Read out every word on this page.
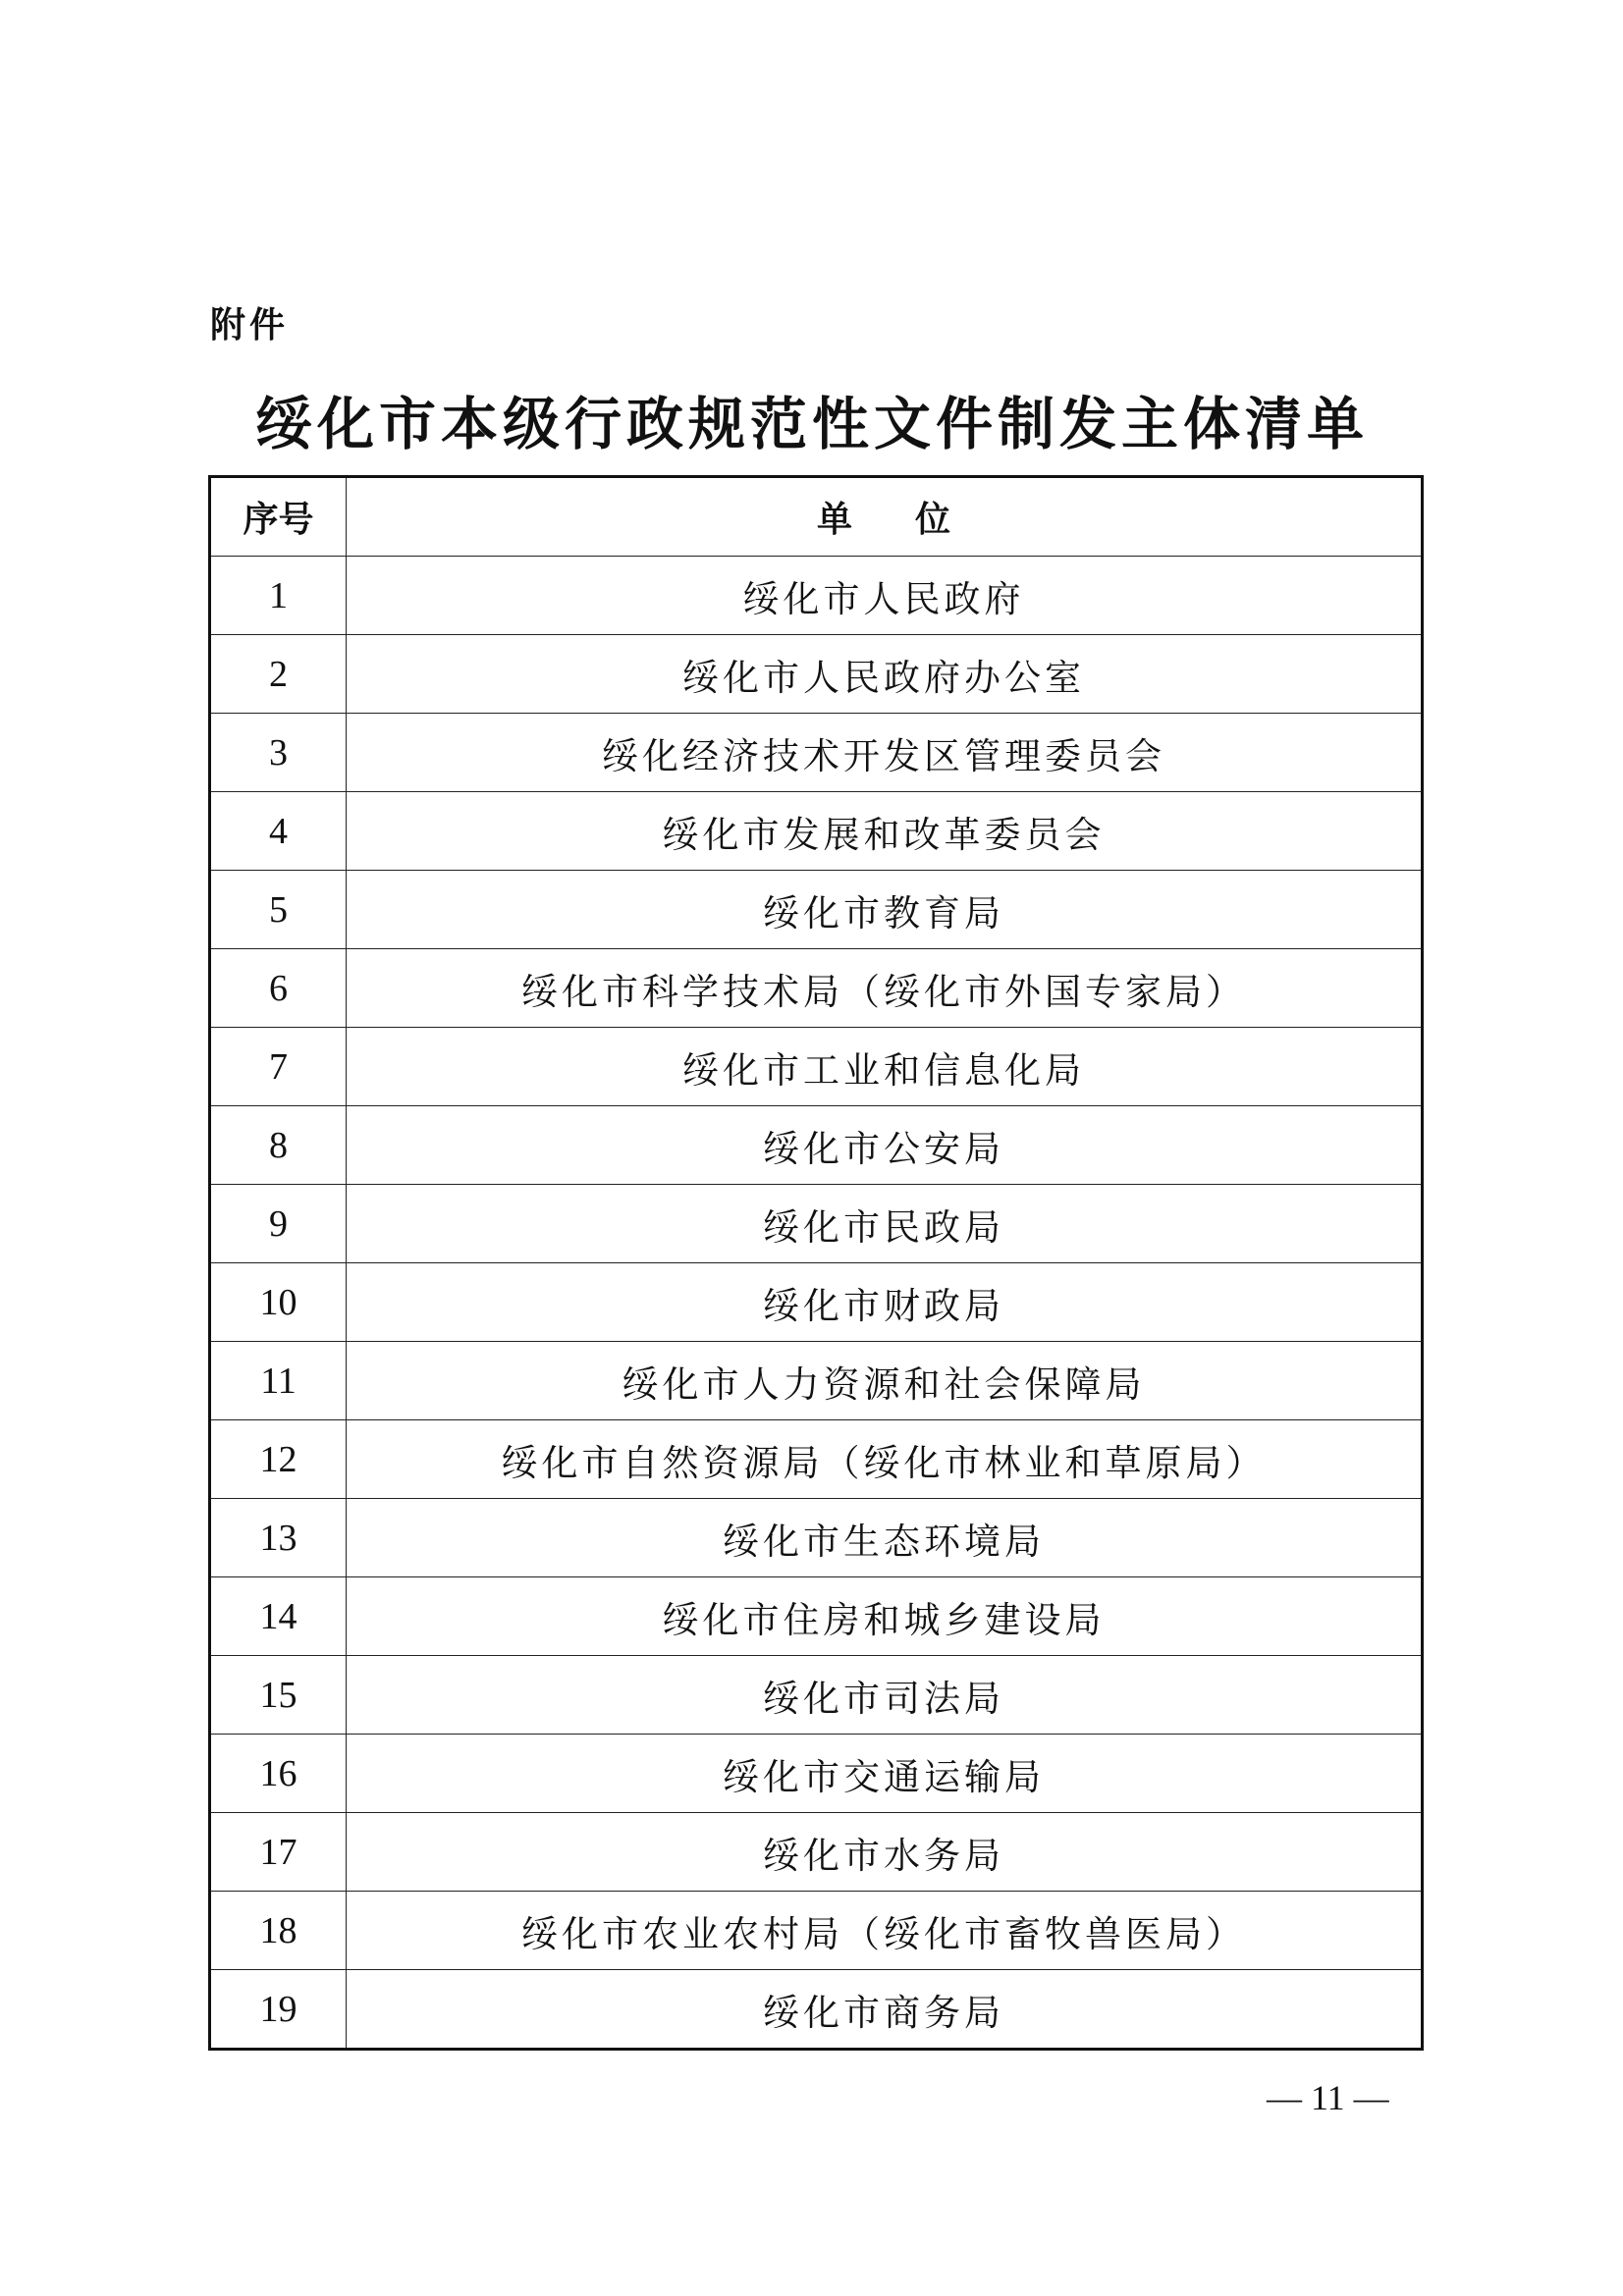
附件
绥化市本级行政规范性文件制发主体清单
序号	单位
1	绥化市人民政府
2	绥化市人民政府办公室
3	绥化经济技术开发区管理委员会
4	绥化市发展和改革委员会
5	绥化市教育局
6	绥化市科学技术局（绥化市外国专家局）
7	绥化市工业和信息化局
8	绥化市公安局
9	绥化市民政局
10	绥化市财政局
11	绥化市人力资源和社会保障局
12	绥化市自然资源局（绥化市林业和草原局）
13	绥化市生态环境局
14	绥化市住房和城乡建设局
15	绥化市司法局
16	绥化市交通运输局
17	绥化市水务局
18	绥化市农业农村局（绥化市畜牧兽医局）
19	绥化市商务局
— 11 —
